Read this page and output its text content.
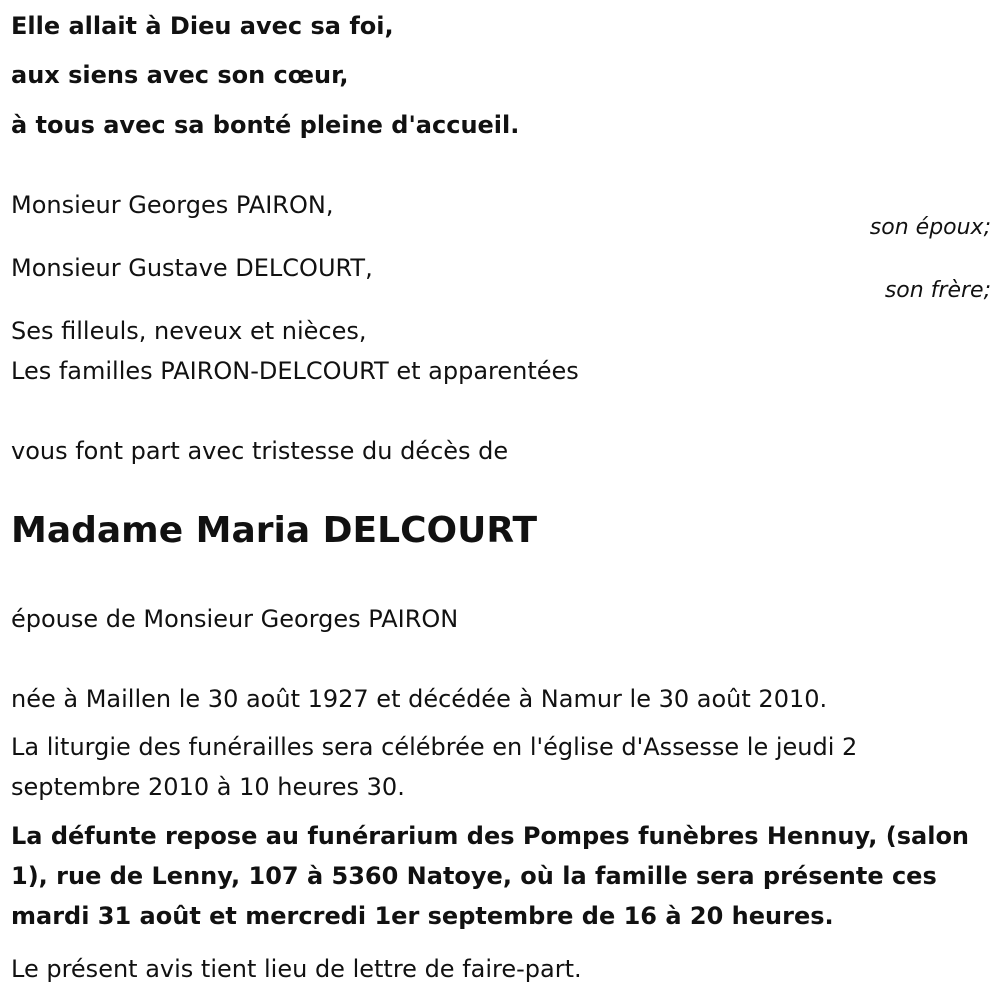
Elle allait à Dieu avec sa foi,
aux siens avec son cœur,
à tous avec sa bonté pleine d'accueil.
Monsieur Georges PAIRON,
son époux;
Monsieur Gustave DELCOURT,
son frère;
Ses filleuls, neveux et nièces,
Les familles PAIRON-DELCOURT et apparentées
vous font part avec tristesse du décès de
Madame Maria DELCOURT
épouse de Monsieur Georges PAIRON
née à Maillen le 30 août 1927 et décédée à Namur le 30 août 2010.
La liturgie des funérailles sera célébrée en l'église d'Assesse le jeudi 2 septembre 2010 à 10 heures 30.
La défunte repose au funérarium des Pompes funèbres Hennuy, (salon 1), rue de Lenny, 107 à 5360 Natoye, où la famille sera présente ces mardi 31 août et mercredi 1er septembre de 16 à 20 heures.
Le présent avis tient lieu de lettre de faire-part.
